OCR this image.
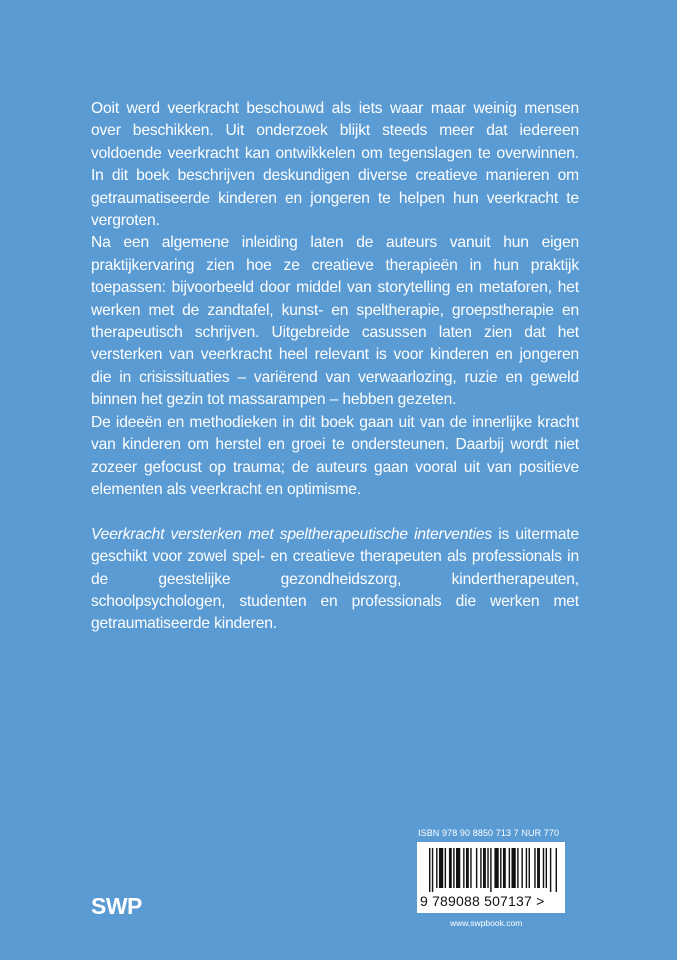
Ooit werd veerkracht beschouwd als iets waar maar weinig mensen over beschikken. Uit onderzoek blijkt steeds meer dat iedereen voldoende veerkracht kan ontwikkelen om tegenslagen te overwinnen. In dit boek beschrijven deskundigen diverse creatieve manieren om getraumatiseerde kinderen en jongeren te helpen hun veerkracht te vergroten.

Na een algemene inleiding laten de auteurs vanuit hun eigen praktijkervaring zien hoe ze creatieve therapieën in hun praktijk toepassen: bijvoorbeeld door middel van storytelling en metaforen, het werken met de zandtafel, kunst- en speltherapie, groepstherapie en therapeutisch schrijven. Uitgebreide casussen laten zien dat het versterken van veerkracht heel relevant is voor kinderen en jongeren die in crisissituaties – variërend van verwaarlozing, ruzie en geweld binnen het gezin tot massarampen – hebben gezeten.

De ideeën en methodieken in dit boek gaan uit van de innerlijke kracht van kinderen om herstel en groei te ondersteunen. Daarbij wordt niet zozeer gefocust op trauma; de auteurs gaan vooral uit van positieve elementen als veerkracht en optimisme.

Veerkracht versterken met speltherapeutische interventies is uitermate geschikt voor zowel spel- en creatieve therapeuten als professionals in de geestelijke gezondheidszorg, kindertherapeuten, schoolpsychologen, studenten en professionals die werken met getraumatiseerde kinderen.

ISBN 978 90 8850 713 7 NUR 770
9 789088 507137 >
www.swpbook.com
SWP
